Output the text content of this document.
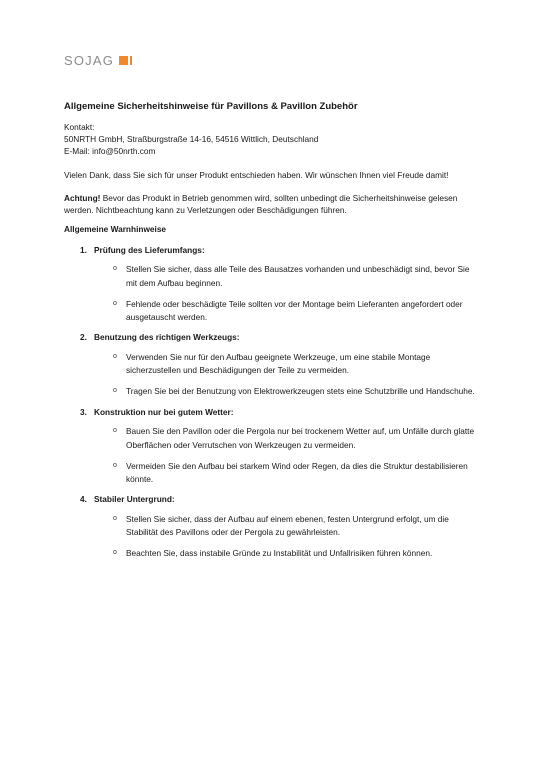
SOJAG
Allgemeine Sicherheitshinweise für Pavillons & Pavillon Zubehör

Kontakt:

50NRTH GmbH, Straßburgstraße 14-16, 54516 Wittlich, Deutschland

E-Mail: info@50nrth.com

Vielen Dank, dass Sie sich für unser Produkt entschieden haben. Wir wünschen Ihnen viel Freude damit!

Achtung! Bevor das Produkt in Betrieb genommen wird, sollten unbedingt die Sicherheitshinweise gelesen werden. Nichtbeachtung kann zu Verletzungen oder Beschädigungen führen.

Allgemeine Warnhinweise
1. Prüfung des Lieferumfangs:
o	Stellen Sie sicher, dass alle Teile des Bausatzes vorhanden und unbeschädigt sind, bevor Sie mit dem Aufbau beginnen.
o	Fehlende oder beschädigte Teile sollten vor der Montage beim Lieferanten angefordert oder ausgetauscht werden.
2. Benutzung des richtigen Werkzeugs:
o	Verwenden Sie nur für den Aufbau geeignete Werkzeuge, um eine stabile Montage sicherzustellen und Beschädigungen der Teile zu vermeiden.
o	Tragen Sie bei der Benutzung von Elektrowerkzeugen stets eine Schutzbrille und Handschuhe.
3. Konstruktion nur bei gutem Wetter:
o	Bauen Sie den Pavillon oder die Pergola nur bei trockenem Wetter auf, um Unfälle durch glatte Oberflächen oder Verrutschen von Werkzeugen zu vermeiden.
o	Vermeiden Sie den Aufbau bei starkem Wind oder Regen, da dies die Struktur destabilisieren könnte.
4. Stabiler Untergrund:
o	Stellen Sie sicher, dass der Aufbau auf einem ebenen, festen Untergrund erfolgt, um die Stabilität des Pavillons oder der Pergola zu gewährleisten.
o	Beachten Sie, dass instabile Gründe zu Instabilität und Unfallrisiken führen können.
